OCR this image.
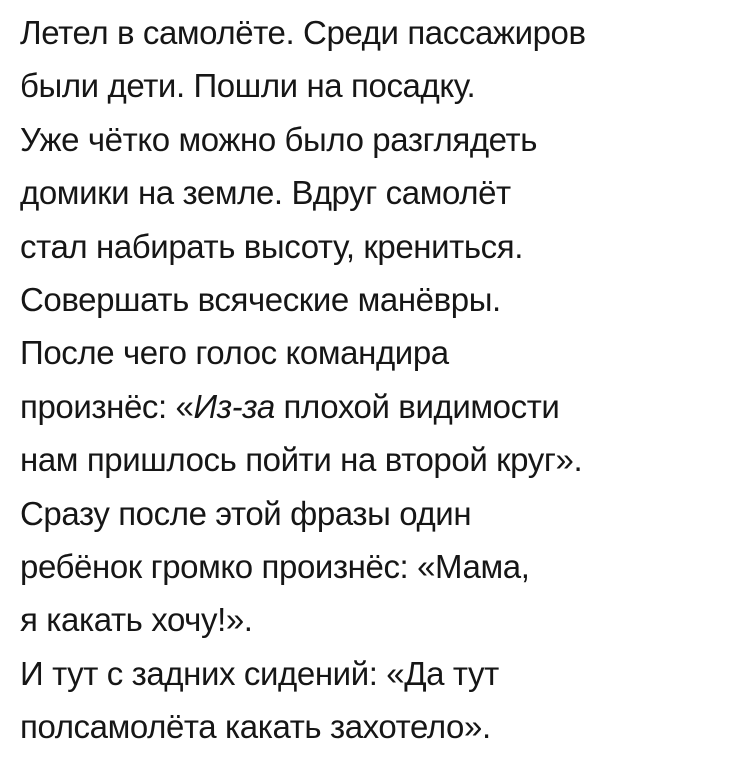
Летел в самолёте. Среди пассажиров
были дети. Пошли на посадку.
Уже чётко можно было разглядеть
домики на земле. Вдруг самолёт
стал набирать высоту, крениться.
Совершать всяческие манёвры.
После чего голос командира
произнёс: «Из-за плохой видимости
нам пришлось пойти на второй круг».
Сразу после этой фразы один
ребёнок громко произнёс: «Мама,
я какать хочу!».
И тут с задних сидений: «Да тут
полсамолёта какать захотело».
